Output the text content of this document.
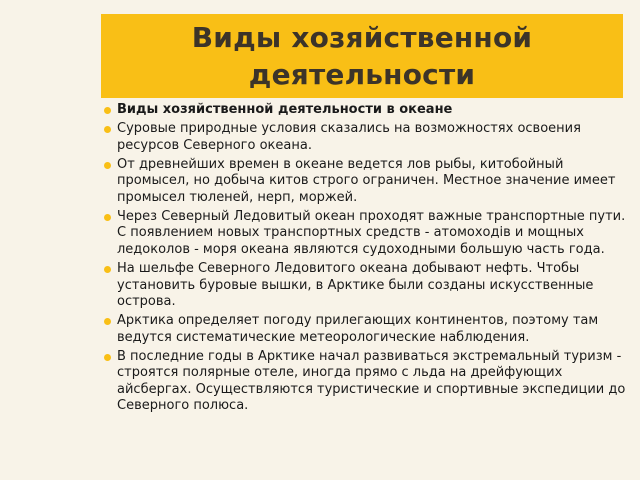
Виды хозяйственной деятельности
Виды хозяйственной деятельности в океане
Суровые природные условия сказались на возможностях освоения ресурсов Северного океана.
От древнейших времен в океане ведется лов рыбы, китобойный промысел, но добыча китов строго ограничен. Местное значение имеет промысел тюленей, нерп, моржей.
Через Северный Ледовитый океан проходят важные транспортные пути. С появлением новых транспортных средств - атомоходів и мощных ледоколов - моря океана являются судоходными большую часть года.
На шельфе Северного Ледовитого океана добывают нефть. Чтобы установить буровые вышки, в Арктике были созданы искусственные острова.
Арктика определяет погоду прилегающих континентов, поэтому там ведутся систематические метеорологические наблюдения.
В последние годы в Арктике начал развиваться экстремальный туризм - строятся полярные отеле, иногда прямо с льда на дрейфующих айсбергах. Осуществляются туристические и спортивные экспедиции до Северного полюса.
